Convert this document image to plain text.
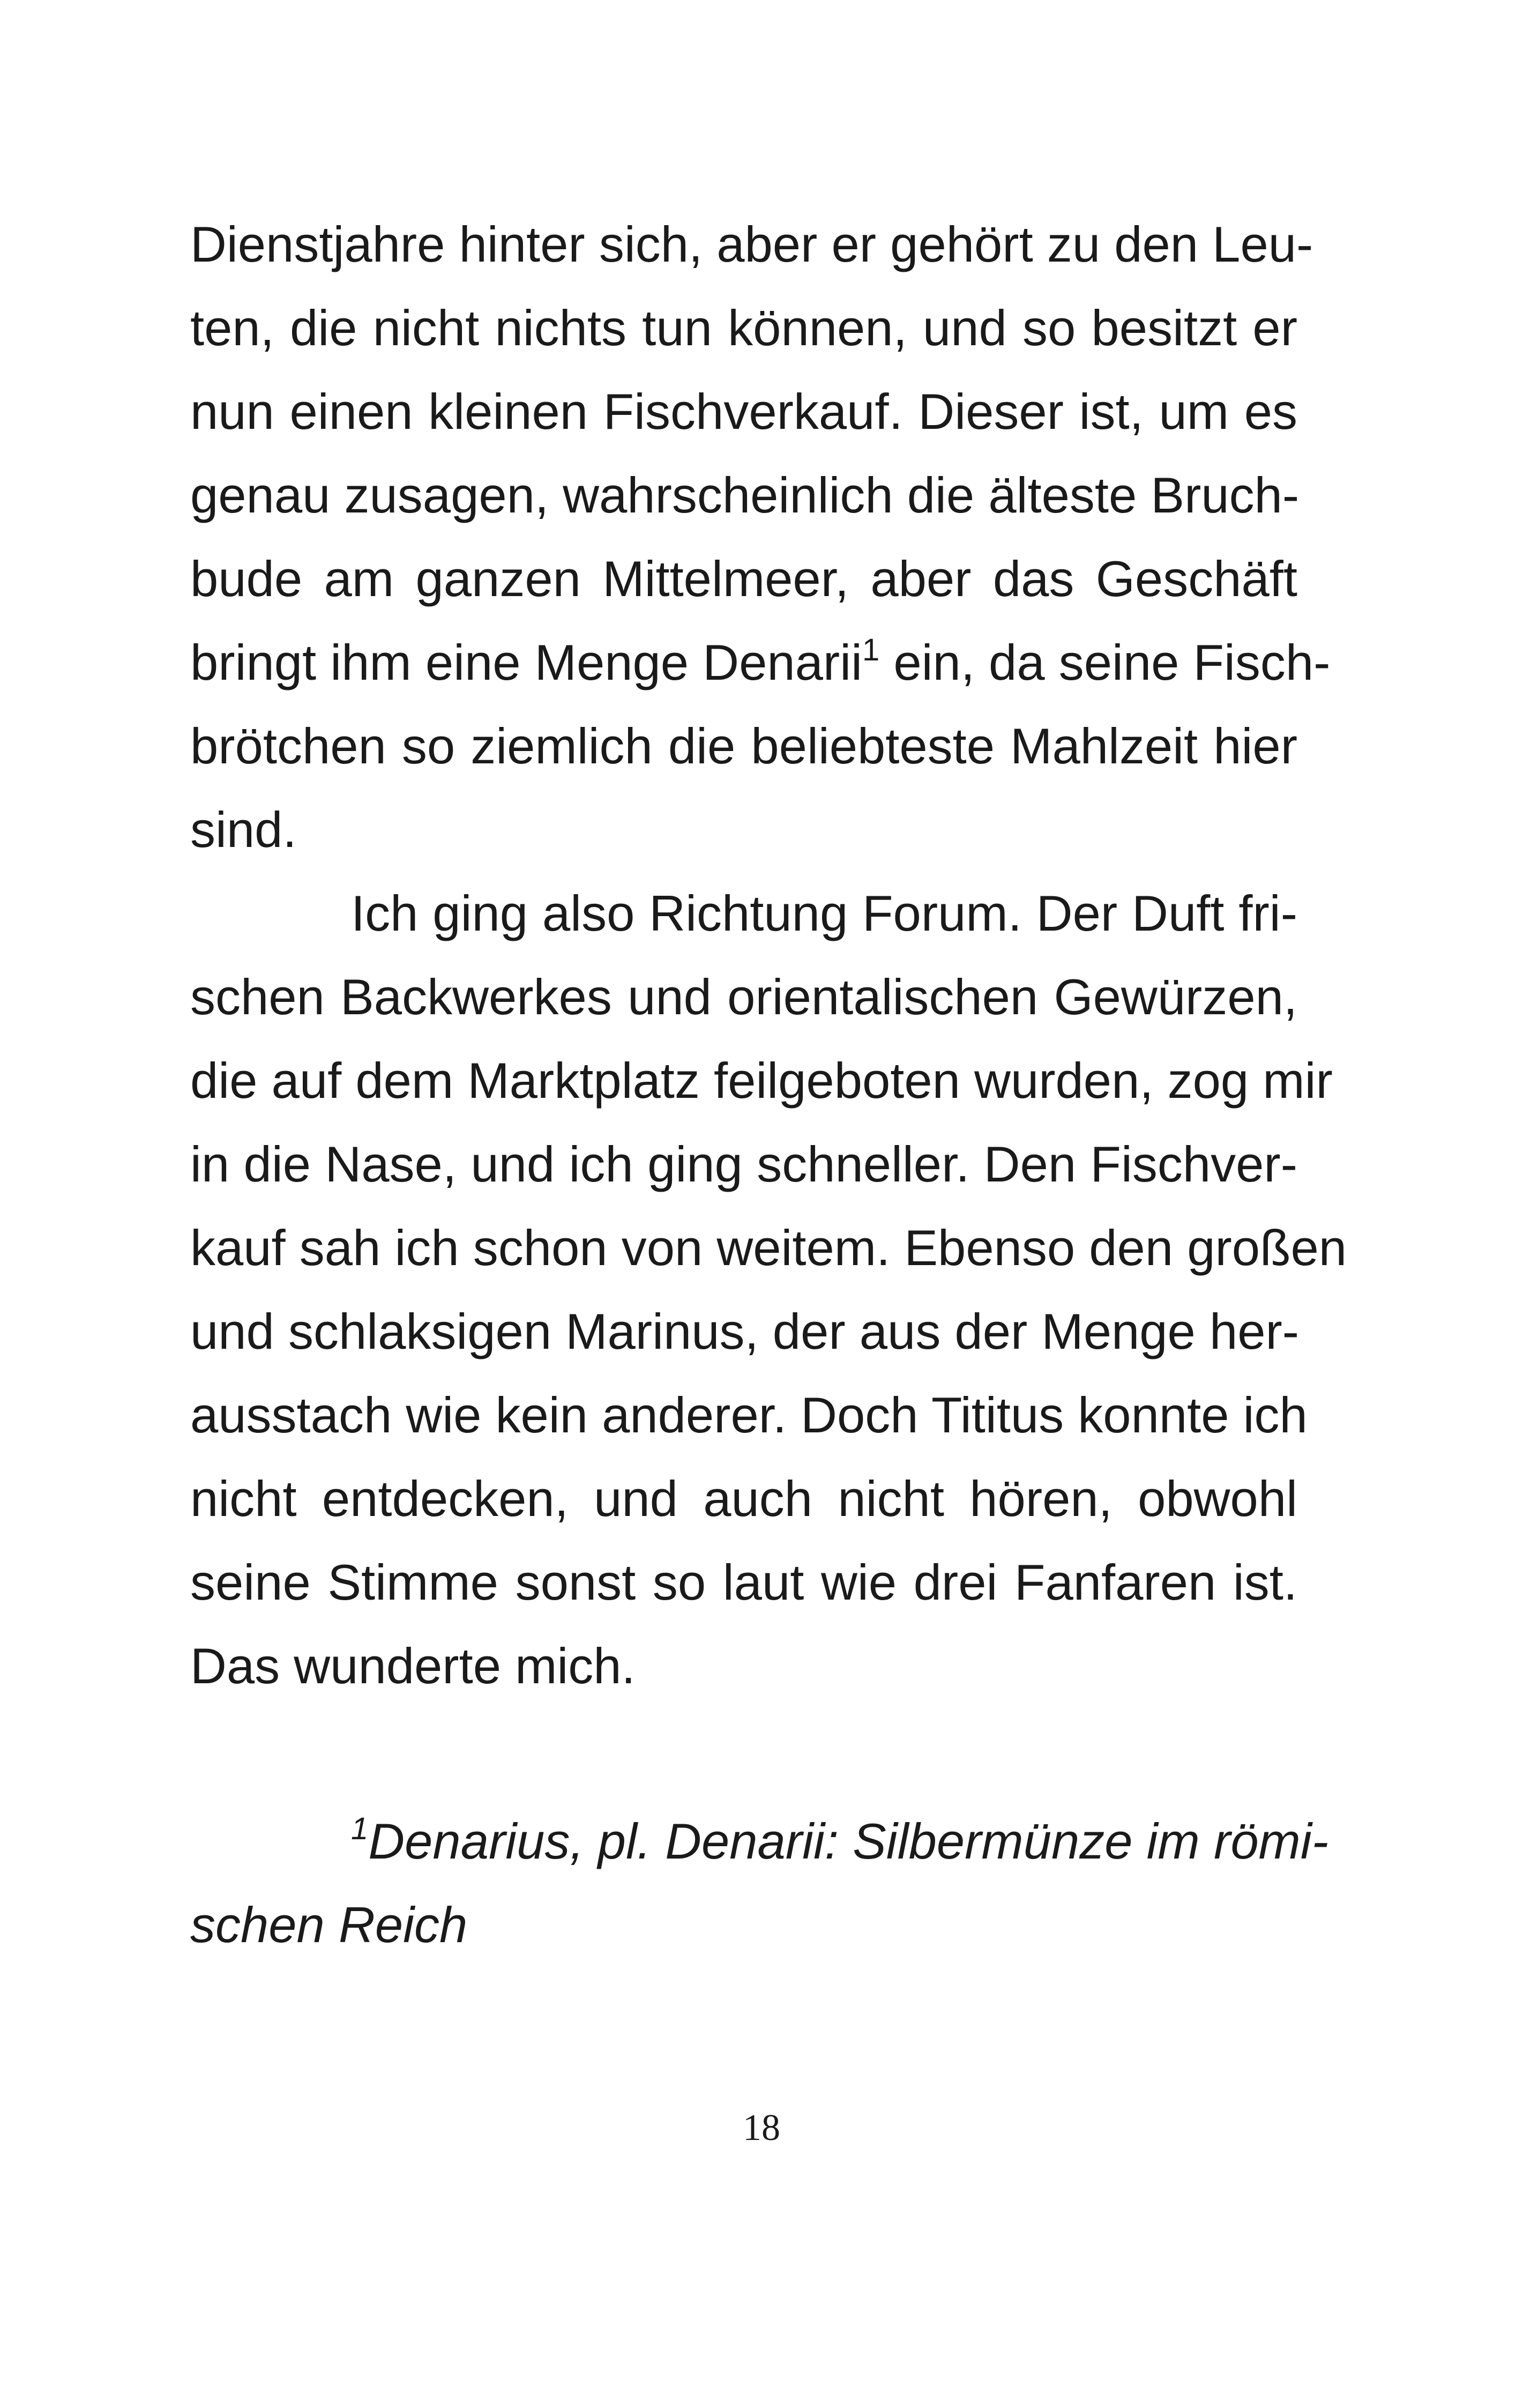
Dienstjahre hinter sich, aber er gehört zu den Leu-
ten, die nicht nichts tun können, und so besitzt er
nun einen kleinen Fischverkauf. Dieser ist, um es
genau zusagen, wahrscheinlich die älteste Bruch-
bude am ganzen Mittelmeer, aber das Geschäft
bringt ihm eine Menge Denarii$^1$ ein, da seine Fisch-
brötchen so ziemlich die beliebteste Mahlzeit hier
sind.
Ich ging also Richtung Forum. Der Duft fri-
schen Backwerkes und orientalischen Gewürzen,
die auf dem Marktplatz feilgeboten wurden, zog mir
in die Nase, und ich ging schneller. Den Fischver-
kauf sah ich schon von weitem. Ebenso den großen
und schlaksigen Marinus, der aus der Menge her-
ausstach wie kein anderer. Doch Tititus konnte ich
nicht entdecken, und auch nicht hören, obwohl
seine Stimme sonst so laut wie drei Fanfaren ist.
Das wunderte mich.
$^1$Denarius, pl. Denarii: Silbermünze im römi-
schen Reich
18
